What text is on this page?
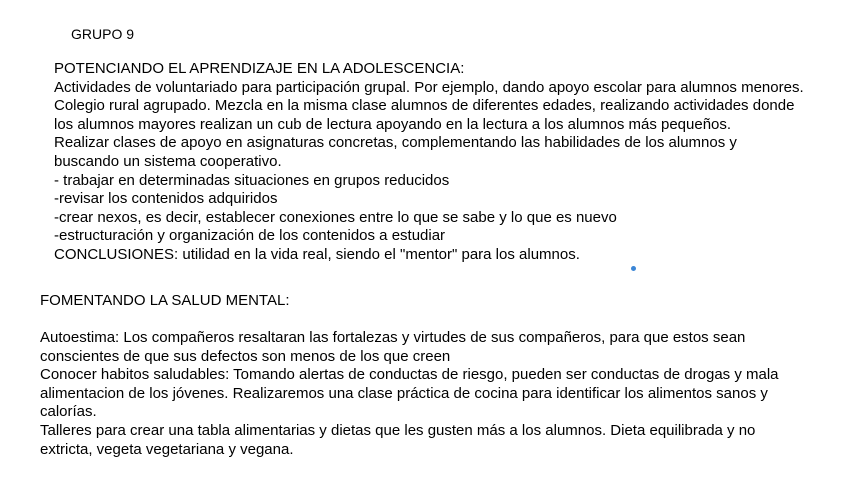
GRUPO 9
POTENCIANDO EL APRENDIZAJE EN LA ADOLESCENCIA:
Actividades de voluntariado para participación grupal. Por ejemplo, dando apoyo escolar para alumnos menores.
Colegio rural agrupado. Mezcla en la misma clase alumnos de diferentes edades, realizando actividades donde
los alumnos mayores realizan un cub de lectura apoyando en la lectura a los alumnos más pequeños.
Realizar clases de apoyo en asignaturas concretas, complementando las habilidades de los alumnos y
buscando un sistema cooperativo.
- trabajar en determinadas situaciones en grupos reducidos
-revisar los contenidos adquiridos
-crear nexos, es decir, establecer conexiones entre lo que se sabe y lo que es nuevo
-estructuración y organización de los contenidos a estudiar
CONCLUSIONES: utilidad en la vida real, siendo el "mentor" para los alumnos.
FOMENTANDO LA SALUD MENTAL:
Autoestima: Los compañeros resaltaran las fortalezas y virtudes de sus compañeros, para que estos sean
conscientes de que sus defectos son menos de los que creen
Conocer habitos saludables: Tomando alertas de conductas de riesgo, pueden ser conductas de drogas y mala
alimentacion de los jóvenes. Realizaremos una clase práctica de cocina para identificar los alimentos sanos y
calorías.
Talleres para crear una tabla alimentarias y dietas que les gusten más a los alumnos. Dieta equilibrada y no
extricta, vegeta vegetariana y vegana.
